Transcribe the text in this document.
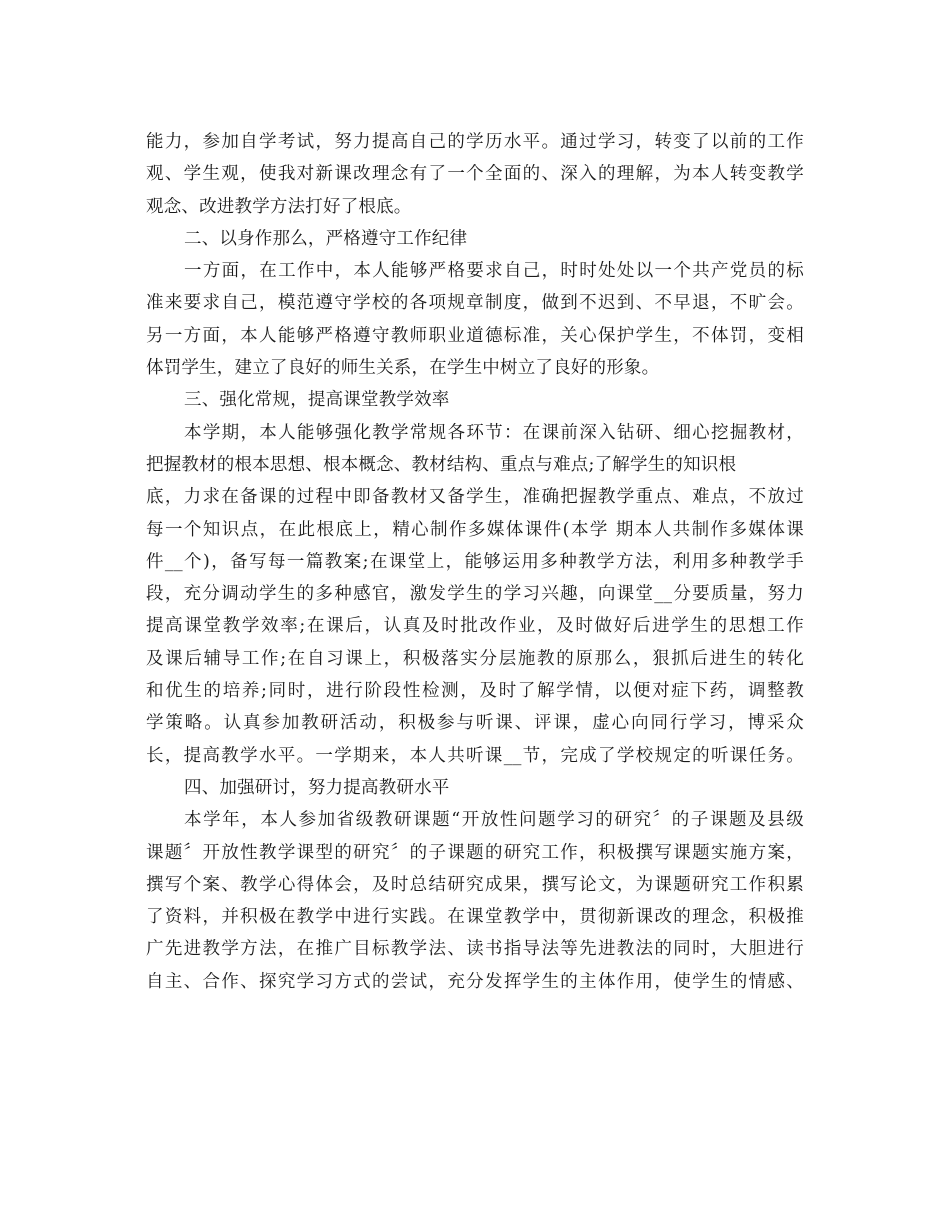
能力，参加自学考试，努力提高自己的学历水平。通过学习，转变了以前的工作
观、学生观，使我对新课改理念有了一个全面的、深入的理解，为本人转变教学
观念、改进教学方法打好了根底。
二、以身作那么，严格遵守工作纪律
一方面，在工作中，本人能够严格要求自己，时时处处以一个共产党员的标
准来要求自己，模范遵守学校的各项规章制度，做到不迟到、不早退，不旷会。
另一方面，本人能够严格遵守教师职业道德标准，关心保护学生，不体罚，变相
体罚学生，建立了良好的师生关系，在学生中树立了良好的形象。
三、强化常规，提高课堂教学效率
本学期，本人能够强化教学常规各环节：在课前深入钻研、细心挖掘教材，
把握教材的根本思想、根本概念、教材结构、重点与难点;了解学生的知识根
底，力求在备课的过程中即备教材又备学生，准确把握教学重点、难点，不放过
每一个知识点，在此根底上，精心制作多媒体课件(本学 期本人共制作多媒体课
件__个)，备写每一篇教案;在课堂上，能够运用多种教学方法，利用多种教学手
段，充分调动学生的多种感官，激发学生的学习兴趣，向课堂__分要质量，努力
提高课堂教学效率;在课后，认真及时批改作业，及时做好后进学生的思想工作
及课后辅导工作;在自习课上，积极落实分层施教的原那么，狠抓后进生的转化
和优生的培养;同时，进行阶段性检测，及时了解学情，以便对症下药，调整教
学策略。认真参加教研活动，积极参与听课、评课，虚心向同行学习，博采众
长，提高教学水平。一学期来，本人共听课__节，完成了学校规定的听课任务。
四、加强研讨，努力提高教研水平
本学年，本人参加省级教研课题“开放性问题学习的研究〞的子课题及县级
课题〞开放性教学课型的研究〞的子课题的研究工作，积极撰写课题实施方案，
撰写个案、教学心得体会，及时总结研究成果，撰写论文，为课题研究工作积累
了资料，并积极在教学中进行实践。在课堂教学中，贯彻新课改的理念，积极推
广先进教学方法，在推广目标教学法、读书指导法等先进教法的同时，大胆进行
自主、合作、探究学习方式的尝试，充分发挥学生的主体作用，使学生的情感、
